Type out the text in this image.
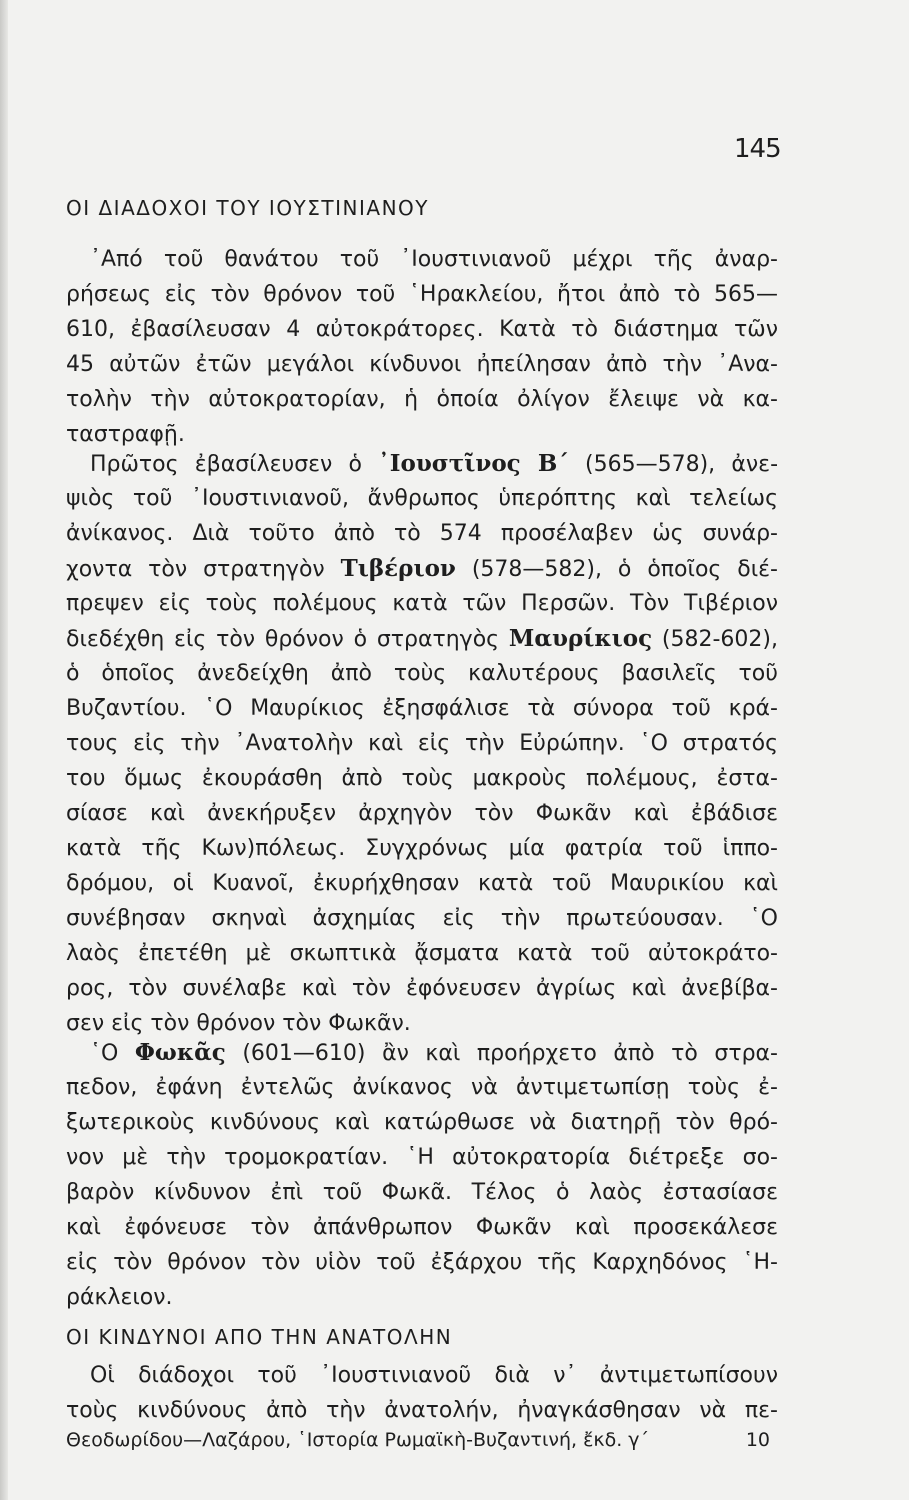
145
ΟΙ ΔΙΑΔΟΧΟΙ ΤΟΥ ΙΟΥΣΤΙΝΙΑΝΟΥ
᾿Από τοῦ θανάτου τοῦ ᾿Ιουστινιανοῦ μέχρι τῆς ἀναρ-
ρήσεως εἰς τὸν θρόνον τοῦ ῾Ηρακλείου, ἤτοι ἀπὸ τὸ 565—
610, ἐβασίλευσαν 4 αὐτοκράτορες. Κατὰ τὸ διάστημα τῶν
45 αὐτῶν ἐτῶν μεγάλοι κίνδυνοι ἠπείλησαν ἀπὸ τὴν ᾿Ανα-
τολὴν τὴν αὐτοκρατορίαν, ἡ ὁποία ὀλίγον ἔλειψε νὰ κα-
ταστραφῇ.
Πρῶτος ἐβασίλευσεν ὁ ᾿Ιουστῖνος Β΄ (565—578), ἀνε-
ψιὸς τοῦ ᾿Ιουστινιανοῦ, ἄνθρωπος ὑπερόπτης καὶ τελείως
ἀνίκανος. Διὰ τοῦτο ἀπὸ τὸ 574 προσέλαβεν ὡς συνάρ-
χοντα τὸν στρατηγὸν Τιβέριον (578—582), ὁ ὁποῖος διέ-
πρεψεν εἰς τοὺς πολέμους κατὰ τῶν Περσῶν. Τὸν Τιβέριον
διεδέχθη εἰς τὸν θρόνον ὁ στρατηγὸς Μαυρίκιος (582-602),
ὁ ὁποῖος ἀνεδείχθη ἀπὸ τοὺς καλυτέρους βασιλεῖς τοῦ
Βυζαντίου. ῾Ο Μαυρίκιος ἐξησφάλισε τὰ σύνορα τοῦ κρά-
τους εἰς τὴν ᾿Ανατολὴν καὶ εἰς τὴν Εὐρώπην. ῾Ο στρατός
του ὅμως ἐκουράσθη ἀπὸ τοὺς μακροὺς πολέμους, ἐστα-
σίασε καὶ ἀνεκήρυξεν ἀρχηγὸν τὸν Φωκᾶν καὶ ἐβάδισε
κατὰ τῆς Κων)πόλεως. Συγχρόνως μία φατρία τοῦ ἱππο-
δρόμου, οἱ Κυανοῖ, ἐκυρήχθησαν κατὰ τοῦ Μαυρικίου καὶ
συνέβησαν σκηναὶ ἀσχημίας εἰς τὴν πρωτεύουσαν. ῾Ο
λαὸς ἐπετέθη μὲ σκωπτικὰ ᾄσματα κατὰ τοῦ αὐτοκράτο-
ρος, τὸν συνέλαβε καὶ τὸν ἐφόνευσεν ἀγρίως καὶ ἀνεβίβα-
σεν εἰς τὸν θρόνον τὸν Φωκᾶν.
῾Ο Φωκᾶς (601—610) ἂν καὶ προήρχετο ἀπὸ τὸ στρα-
πεδον, ἐφάνη ἐντελῶς ἀνίκανος νὰ ἀντιμετωπίσῃ τοὺς ἐ-
ξωτερικοὺς κινδύνους καὶ κατώρθωσε νὰ διατηρῇ τὸν θρό-
νον μὲ τὴν τρομοκρατίαν. ῾Η αὐτοκρατορία διέτρεξε σο-
βαρὸν κίνδυνον ἐπὶ τοῦ Φωκᾶ. Τέλος ὁ λαὸς ἐστασίασε
καὶ ἐφόνευσε τὸν ἀπάνθρωπον Φωκᾶν καὶ προσεκάλεσε
εἰς τὸν θρόνον τὸν υἱὸν τοῦ ἐξάρχου τῆς Καρχηδόνος ῾Η-
ράκλειον.
ΟΙ ΚΙΝΔΥΝΟΙ ΑΠΟ ΤΗΝ ΑΝΑΤΟΛΗΝ
Οἱ διάδοχοι τοῦ ᾿Ιουστινιανοῦ διὰ ν᾿ ἀντιμετωπίσουν
τοὺς κινδύνους ἀπὸ τὴν ἀνατολήν, ἠναγκάσθησαν νὰ πε-
Θεοδωρίδου—Λαζάρου, ῾Ιστορία Ρωμαϊκὴ-Βυζαντινή, ἔκδ. γ΄	10
